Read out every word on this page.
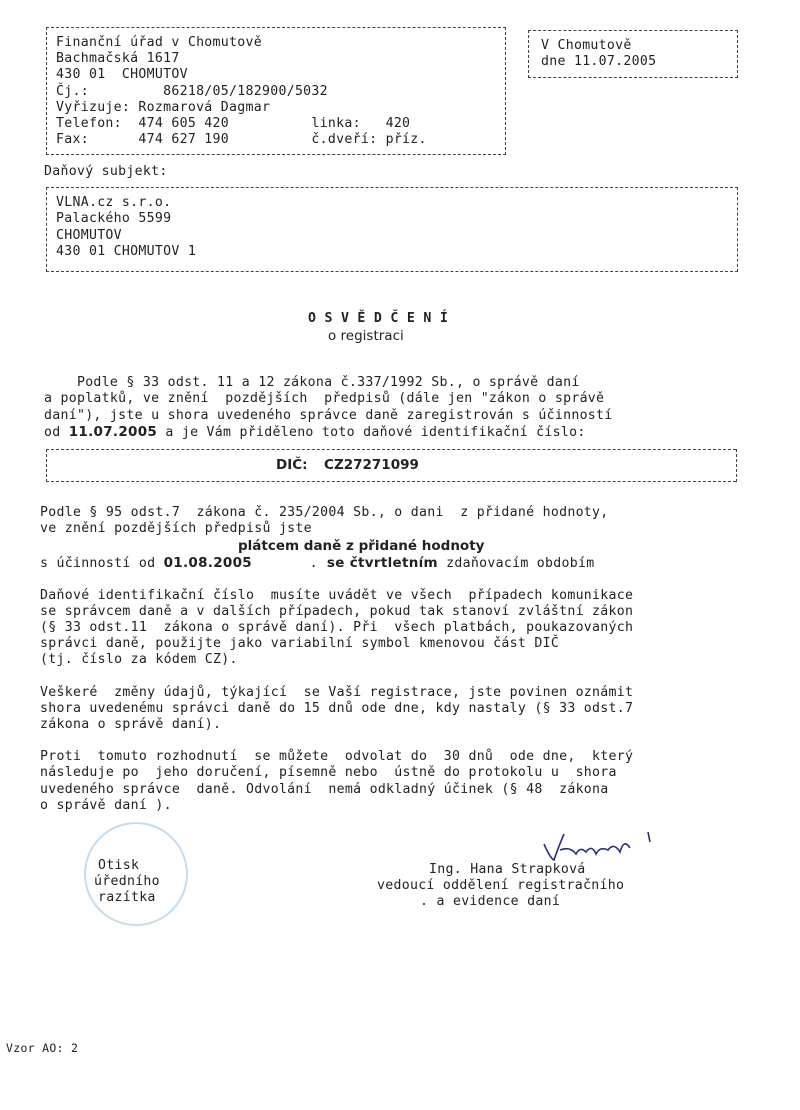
Finanční úřad v Chomutově
Bachmačská 1617
430 01  CHOMUTOV
Čj.:         86218/05/182900/5032
Vyřizuje: Rozmarová Dagmar
Telefon:  474 605 420          linka:   420
Fax:      474 627 190          č.dveří: příz.
V Chomutově
dne 11.07.2005
Daňový subjekt:
VLNA.cz s.r.o.
Palackého 5599
CHOMUTOV
430 01 CHOMUTOV 1
O S V Ě D Č E N Í
o registraci
Podle § 33 odst. 11 a 12 zákona č.337/1992 Sb., o správě daní
a poplatků, ve znění  pozdějších  předpisů (dále jen "zákon o správě
daní"), jste u shora uvedeného správce daně zaregistrován s účinností
od 11.07.2005 a je Vám přiděleno toto daňové identifikační číslo:
DIČ: CZ27271099
Podle § 95 odst.7  zákona č. 235/2004 Sb., o dani  z přidané hodnoty,
ve znění pozdějších předpisů jste
plátcem daně z přidané hodnoty
s účinností od 01.08.2005       . se čtvrtletním zdaňovacím obdobím
Daňové identifikační číslo  musíte uvádět ve všech  případech komunikace
se správcem daně a v dalších případech, pokud tak stanoví zvláštní zákon
(§ 33 odst.11  zákona o správě daní). Při  všech platbách, poukazovaných
správci daně, použijte jako variabilní symbol kmenovou část DIČ
(tj. číslo za kódem CZ).
Veškeré  změny údajů, týkající  se Vaší registrace, jste povinen oznámit
shora uvedenému správci daně do 15 dnů ode dne, kdy nastaly (§ 33 odst.7
zákona o správě daní).
Proti  tomuto rozhodnutí  se můžete  odvolat do  30 dnů  ode dne,  který
následuje po  jeho doručení, písemně nebo  ústně do protokolu u  shora
uvedeného správce  daně. Odvolání  nemá odkladný účinek (§ 48  zákona
o správě daní ).
Otisk
úředního
razítka
Ing. Hana Strapková
vedoucí oddělení registračního
. a evidence daní
Vzor AO: 2
